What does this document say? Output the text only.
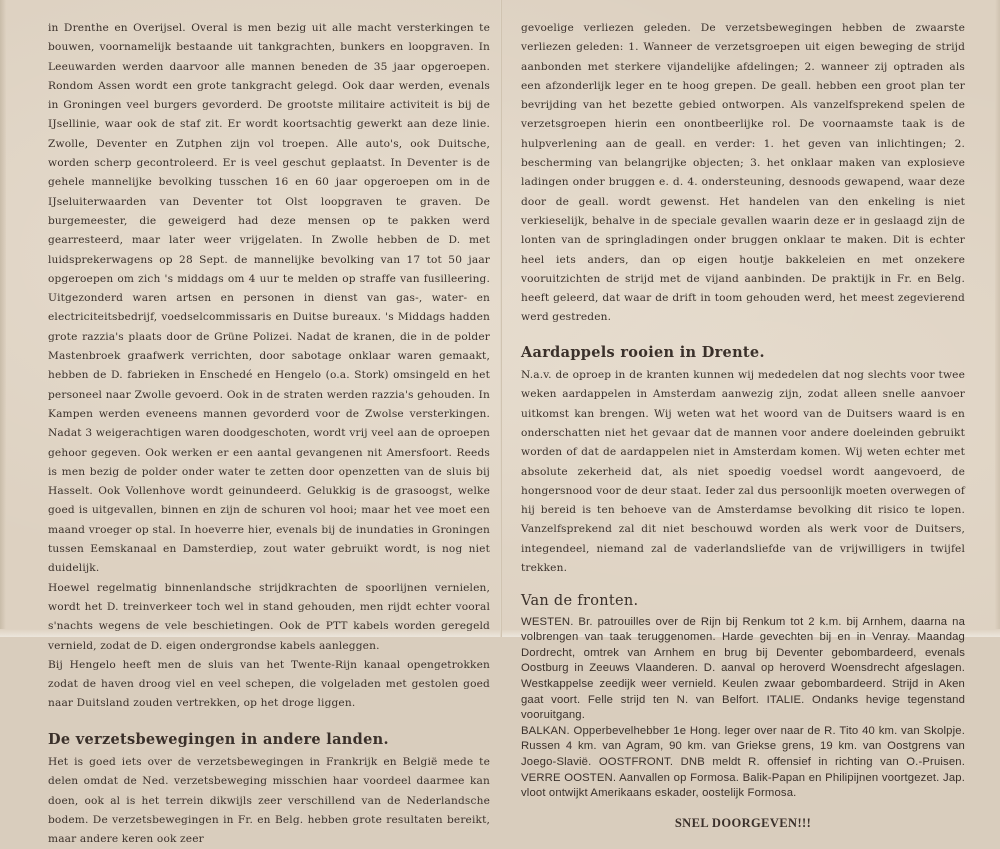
in Drenthe en Overijsel. Overal is men bezig uit alle macht versterkingen te bouwen, voornamelijk bestaande uit tankgrachten, bunkers en loopgraven. In Leeuwarden werden daarvoor alle mannen beneden de 35 jaar opgeroepen. Rondom Assen wordt een grote tankgracht gelegd. Ook daar werden, evenals in Groningen veel burgers gevorderd. De grootste militaire activiteit is bij de IJsellinie, waar ook de staf zit. Er wordt koortsachtig gewerkt aan deze linie. Zwolle, Deventer en Zutphen zijn vol troepen. Alle auto's, ook Duitsche, worden scherp gecontroleerd. Er is veel geschut geplaatst. In Deventer is de gehele mannelijke bevolking tusschen 16 en 60 jaar opgeroepen om in de IJseluiterwaarden van Deventer tot Olst loopgraven te graven. De burgemeester, die geweigerd had deze mensen op te pakken werd gearresteerd, maar later weer vrijgelaten. In Zwolle hebben de D. met luidsprekerwagens op 28 Sept. de mannelijke bevolking van 17 tot 50 jaar opgeroepen om zich 's middags om 4 uur te melden op straffe van fusilleering. Uitgezonderd waren artsen en personen in dienst van gas-, water- en electriciteitsbedrijf, voedselcommissaris en Duitse bureaux. 's Middags hadden grote razzia's plaats door de Grüne Polizei. Nadat de kranen, die in de polder Mastenbroek graafwerk verrichten, door sabotage onklaar waren gemaakt, hebben de D. fabrieken in Enschedé en Hengelo (o.a. Stork) omsingeld en het personeel naar Zwolle gevoerd. Ook in de straten werden razzia's gehouden. In Kampen werden eveneens mannen gevorderd voor de Zwolse versterkingen. Nadat 3 weigerachtigen waren doodgeschoten, wordt vrij veel aan de oproepen gehoor gegeven. Ook werken er een aantal gevangenen nit Amersfoort. Reeds is men bezig de polder onder water te zetten door openzetten van de sluis bij Hasselt. Ook Vollenhove wordt geinundeerd. Gelukkig is de grasoogst, welke goed is uitgevallen, binnen en zijn de schuren vol hooi; maar het vee moet een maand vroeger op stal. In hoeverre hier, evenals bij de inundaties in Groningen tussen Eemskanaal en Damsterdiep, zout water gebruikt wordt, is nog niet duidelijk.

Hoewel regelmatig binnenlandsche strijdkrachten de spoorlijnen vernielen, wordt het D. treinverkeer toch wel in stand gehouden, men rijdt echter vooral s'nachts wegens de vele beschietingen. Ook de PTT kabels worden geregeld vernield, zodat de D. eigen ondergrondse kabels aanleggen.

Bij Hengelo heeft men de sluis van het Twente-Rijn kanaal opengetrokken zodat de haven droog viel en veel schepen, die volgeladen met gestolen goed naar Duitsland zouden vertrekken, op het droge liggen.

De verzetsbewegingen in andere landen.

Het is goed iets over de verzetsbewegingen in Frankrijk en België mede te delen omdat de Ned. verzetsbeweging misschien haar voordeel daarmee kan doen, ook al is het terrein dikwijls zeer verschillend van de Nederlandsche bodem. De verzetsbewegingen in Fr. en Belg. hebben grote resultaten bereikt, maar andere keren ook zeer

gevoelige verliezen geleden. De verzetsbewegingen hebben de zwaarste verliezen geleden: 1. Wanneer de verzetsgroepen uit eigen beweging de strijd aanbonden met sterkere vijandelijke afdelingen; 2. wanneer zij optraden als een afzonderlijk leger en te hoog grepen. De geall. hebben een groot plan ter bevrijding van het bezette gebied ontworpen. Als vanzelfsprekend spelen de verzetsgroepen hierin een onontbeerlijke rol. De voornaamste taak is de hulpverlening aan de geall. en verder: 1. het geven van inlichtingen; 2. bescherming van belangrijke objecten; 3. het onklaar maken van explosieve ladingen onder bruggen e. d. 4. ondersteuning, desnoods gewapend, waar deze door de geall. wordt gewenst. Het handelen van den enkeling is niet verkieselijk, behalve in de speciale gevallen waarin deze er in geslaagd zijn de lonten van de springladingen onder bruggen onklaar te maken. Dit is echter heel iets anders, dan op eigen houtje bakkeleien en met onzekere vooruitzichten de strijd met de vijand aanbinden. De praktijk in Fr. en Belg. heeft geleerd, dat waar de drift in toom gehouden werd, het meest zegevierend werd gestreden.

Aardappels rooien in Drente.

N.a.v. de oproep in de kranten kunnen wij mededelen dat nog slechts voor twee weken aardappelen in Amsterdam aanwezig zijn, zodat alleen snelle aanvoer uitkomst kan brengen. Wij weten wat het woord van de Duitsers waard is en onderschatten niet het gevaar dat de mannen voor andere doeleinden gebruikt worden of dat de aardappelen niet in Amsterdam komen. Wij weten echter met absolute zekerheid dat, als niet spoedig voedsel wordt aangevoerd, de hongersnood voor de deur staat. Ieder zal dus persoonlijk moeten overwegen of hij bereid is ten behoeve van de Amsterdamse bevolking dit risico te lopen. Vanzelfsprekend zal dit niet beschouwd worden als werk voor de Duitsers, integendeel, niemand zal de vaderlandsliefde van de vrijwilligers in twijfel trekken.

Van de fronten.
WESTEN. Br. patrouilles over de Rijn bij Renkum tot 2 k.m. bij Arnhem, daarna na volbrengen van taak teruggenomen. Harde gevechten bij en in Venray. Maandag Dordrecht, omtrek van Arnhem en brug bij Deventer gebombardeerd, evenals Oostburg in Zeeuws Vlaanderen. D. aanval op heroverd Woensdrecht afgeslagen. Westkappelse zeedijk weer vernield. Keulen zwaar gebombardeerd. Strijd in Aken gaat voort. Felle strijd ten N. van Belfort. ITALIE. Ondanks hevige tegenstand vooruitgang.
BALKAN. Opperbevelhebber 1e Hong. leger over naar de R. Tito 40 km. van Skolpje. Russen 4 km. van Agram, 90 km. van Griekse grens, 19 km. van Oostgrens van Joego-Slavië. OOSTFRONT. DNB meldt R. offensief in richting van O.-Pruisen. VERRE OOSTEN. Aanvallen op Formosa. Balik-Papan en Philipijnen voortgezet. Jap. vloot ontwijkt Amerikaans eskader, oostelijk Formosa.
SNEL DOORGEVEN!!!
